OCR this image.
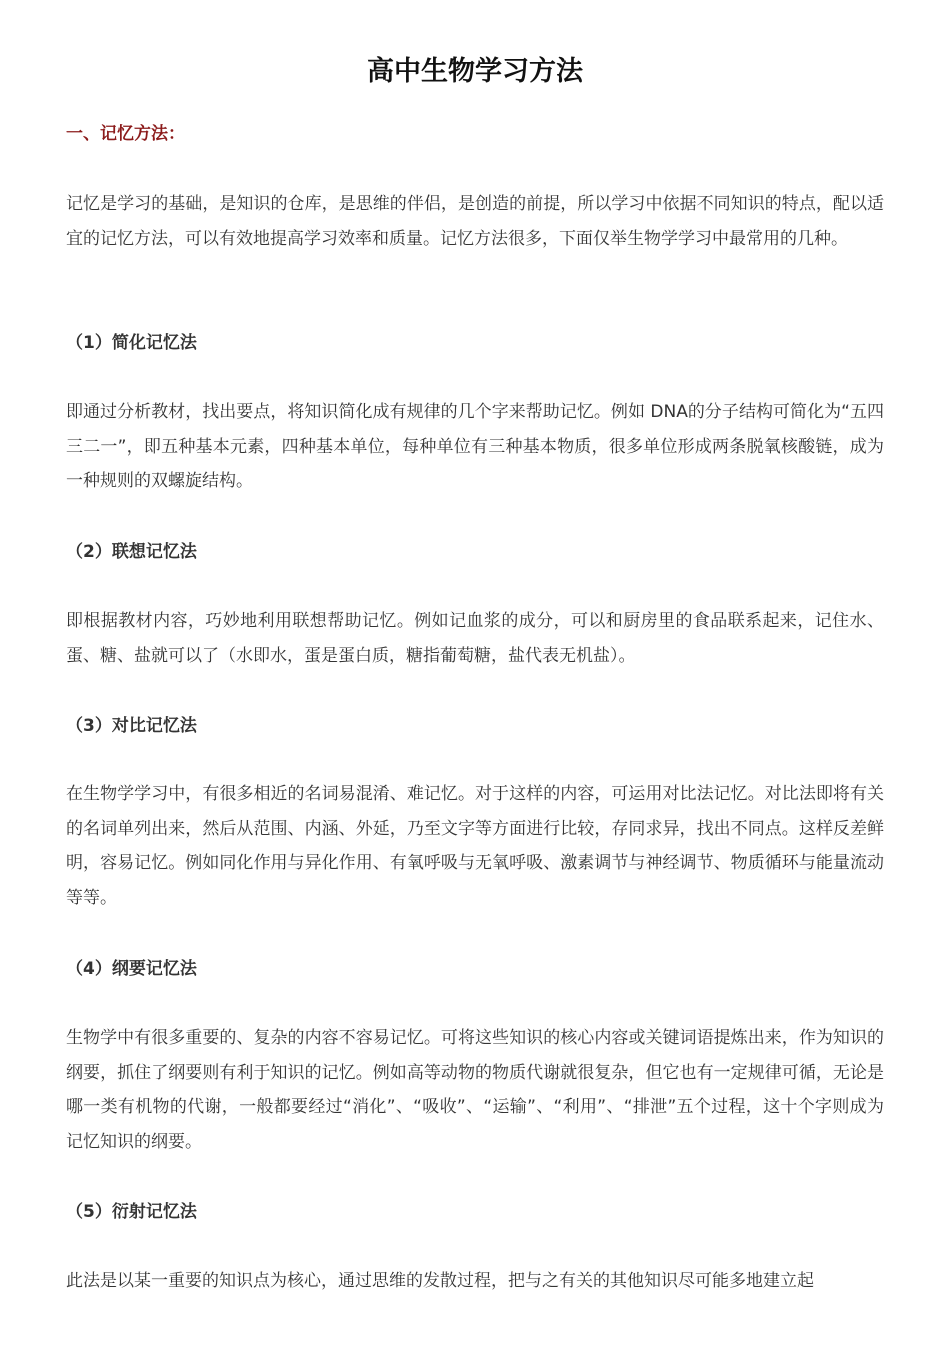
高中生物学习方法
一、记忆方法：

记忆是学习的基础，是知识的仓库，是思维的伴侣，是创造的前提，所以学习中依据不同知识的特点，配以适宜的记忆方法，可以有效地提高学习效率和质量。记忆方法很多，下面仅举生物学学习中最常用的几种。

（1）简化记忆法

即通过分析教材，找出要点，将知识简化成有规律的几个字来帮助记忆。例如 DNA的分子结构可简化为“五四三二一”，即五种基本元素，四种基本单位，每种单位有三种基本物质，很多单位形成两条脱氧核酸链，成为一种规则的双螺旋结构。

（2）联想记忆法

即根据教材内容，巧妙地利用联想帮助记忆。例如记血浆的成分，可以和厨房里的食品联系起来，记住水、蛋、糖、盐就可以了（水即水，蛋是蛋白质，糖指葡萄糖，盐代表无机盐）。

（3）对比记忆法

在生物学学习中，有很多相近的名词易混淆、难记忆。对于这样的内容，可运用对比法记忆。对比法即将有关的名词单列出来，然后从范围、内涵、外延，乃至文字等方面进行比较，存同求异，找出不同点。这样反差鲜明，容易记忆。例如同化作用与异化作用、有氧呼吸与无氧呼吸、激素调节与神经调节、物质循环与能量流动等等。

（4）纲要记忆法

生物学中有很多重要的、复杂的内容不容易记忆。可将这些知识的核心内容或关键词语提炼出来，作为知识的纲要，抓住了纲要则有利于知识的记忆。例如高等动物的物质代谢就很复杂，但它也有一定规律可循，无论是哪一类有机物的代谢，一般都要经过“消化”、“吸收”、“运输”、“利用”、“排泄”五个过程，这十个字则成为记忆知识的纲要。

（5）衍射记忆法

此法是以某一重要的知识点为核心，通过思维的发散过程，把与之有关的其他知识尽可能多地建立起
